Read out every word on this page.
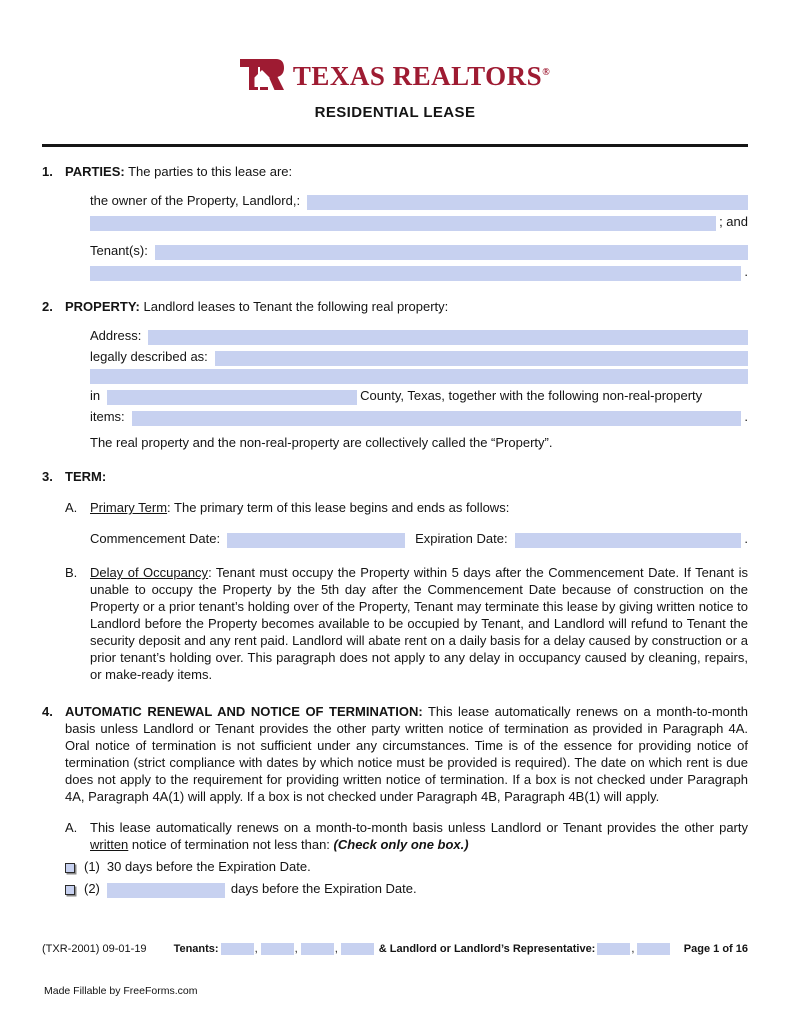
TEXAS REALTORS®
RESIDENTIAL LEASE
1. PARTIES: The parties to this lease are:
the owner of the Property, Landlord,:
; and
Tenant(s):
.
2. PROPERTY: Landlord leases to Tenant the following real property:
Address:
legally described as:
in	County, Texas, together with the following non-real-property
items:	.
The real property and the non-real-property are collectively called the “Property”.
3. TERM:
A. Primary Term: The primary term of this lease begins and ends as follows:
Commencement Date:	Expiration Date:	.
B. Delay of Occupancy: Tenant must occupy the Property within 5 days after the Commencement Date. If Tenant is unable to occupy the Property by the 5th day after the Commencement Date because of construction on the Property or a prior tenant’s holding over of the Property, Tenant may terminate this lease by giving written notice to Landlord before the Property becomes available to be occupied by Tenant, and Landlord will refund to Tenant the security deposit and any rent paid. Landlord will abate rent on a daily basis for a delay caused by construction or a prior tenant’s holding over. This paragraph does not apply to any delay in occupancy caused by cleaning, repairs, or make-ready items.
4. AUTOMATIC RENEWAL AND NOTICE OF TERMINATION: This lease automatically renews on a month-to-month basis unless Landlord or Tenant provides the other party written notice of termination as provided in Paragraph 4A. Oral notice of termination is not sufficient under any circumstances. Time is of the essence for providing notice of termination (strict compliance with dates by which notice must be provided is required). The date on which rent is due does not apply to the requirement for providing written notice of termination. If a box is not checked under Paragraph 4A, Paragraph 4A(1) will apply. If a box is not checked under Paragraph 4B, Paragraph 4B(1) will apply.
A. This lease automatically renews on a month-to-month basis unless Landlord or Tenant provides the other party written notice of termination not less than: (Check only one box.)
(1) 30 days before the Expiration Date.
(2)	days before the Expiration Date.
(TXR-2001) 09-01-19 Tenants:	,	,	,	& Landlord or Landlord’s Representative:	,	Page 1 of 16
Made Fillable by FreeForms.com
